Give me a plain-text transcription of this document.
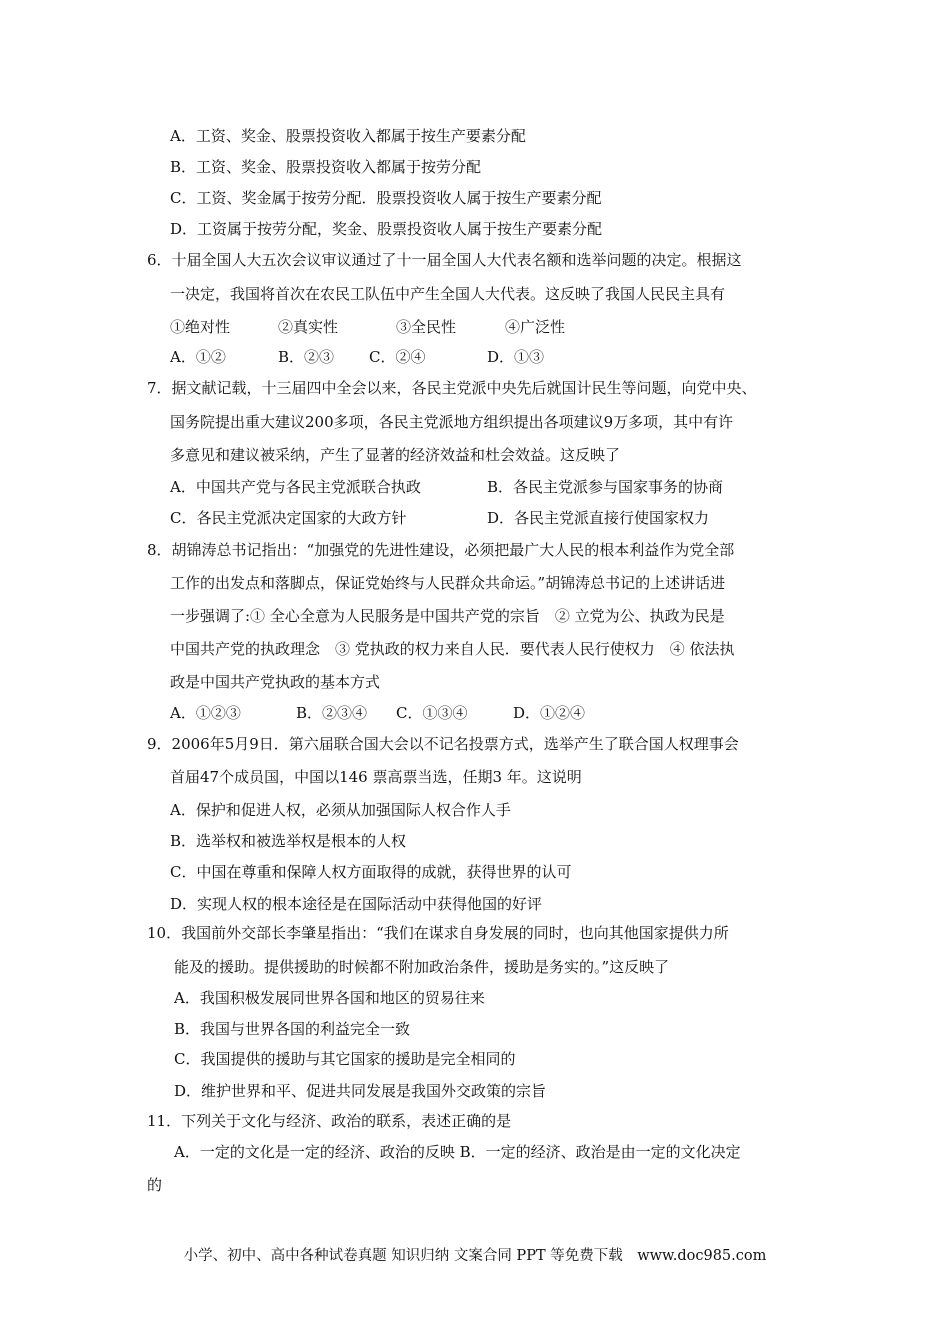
A．工资、奖金、股票投资收入都属于按生产要素分配
B．工资、奖金、股票投资收入都属于按劳分配
C．工资、奖金属于按劳分配．股票投资收人属于按生产要素分配
D．工资属于按劳分配，奖金、股票投资收人属于按生产要素分配
6．十届全国人大五次会议审议通过了十一届全国人大代表名额和选举问题的决定。根据这
一决定，我国将首次在农民工队伍中产生全国人大代表。这反映了我国人民民主具有
①绝对性	②真实性	③全民性	④广泛性
A．①②	B．②③ C．②④	D．①③
7．据文献记载，十三届四中全会以来，各民主党派中央先后就国计民生等问题，向党中央、
国务院提出重大建议200多项，各民主党派地方组织提出各项建议9万多项，其中有许
多意见和建议被采纳，产生了显著的经济效益和杜会效益。这反映了
A．中国共产党与各民主党派联合执政	B．各民主党派参与国家事务的协商
C．各民主党派决定国家的大政方针	D．各民主党派直接行使国家权力
8．胡锦涛总书记指出：“加强党的先进性建设，必须把最广大人民的根本利益作为党全部
工作的出发点和落脚点，保证党始终与人民群众共命运。”胡锦涛总书记的上述讲话进
一步强调了:① 全心全意为人民服务是中国共产党的宗旨　② 立党为公、执政为民是
中国共产党的执政理念　③ 党执政的权力来自人民．要代表人民行使权力　④ 依法执
政是中国共产党执政的基本方式
A．①②③	B．②③④ C．①③④	D．①②④
9．2006年5月9日．第六届联合国大会以不记名投票方式，选举产生了联合国人权理事会
首届47个成员国，中国以146 票高票当选，任期3 年。这说明
A．保护和促进人权，必须从加强国际人权合作人手
B．选举权和被选举权是根本的人权
C．中国在尊重和保障人权方面取得的成就，获得世界的认可
D．实现人权的根本途径是在国际活动中获得他国的好评
10．我国前外交部长李肇星指出：“我们在谋求自身发展的同时，也向其他国家提供力所
能及的援助。提供援助的时候都不附加政治条件，援助是务实的。”这反映了
A．我国积极发展同世界各国和地区的贸易往来
B．我国与世界各国的利益完全一致
C．我国提供的援助与其它国家的援助是完全相同的
D．维护世界和平、促进共同发展是我国外交政策的宗旨
11．下列关于文化与经济、政治的联系，表述正确的是
A．一定的文化是一定的经济、政治的反映 B．一定的经济、政治是由一定的文化决定
的
小学、初中、高中各种试卷真题 知识归纳 文案合同 PPT 等免费下载　www.doc985.com
